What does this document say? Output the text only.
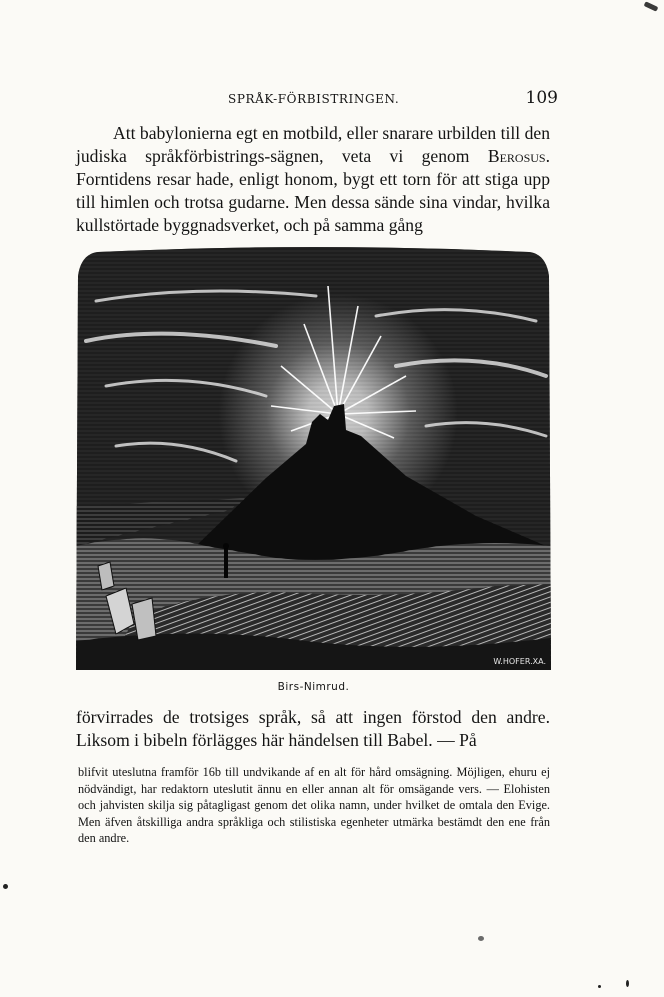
SPRÅK-FÖRBISTRINGEN.	109

Att babylonierna egt en motbild, eller snarare urbilden till den judiska språkförbistrings-sägnen, veta vi genom Berosus. Forntidens resar hade, enligt honom, bygt ett torn för att stiga upp till himlen och trotsa gudarne. Men dessa sände sina vindar, hvilka kullstörtade byggnadsverket, och på samma gång

W.HOFER.XA.
Birs-Nimrud.

förvirrades de trotsiges språk, så att ingen förstod den andre. Liksom i bibeln förlägges här händelsen till Babel. — På

blifvit uteslutna framför 16b till undvikande af en alt för hård omsägning. Möjligen, ehuru ej nödvändigt, har redaktorn uteslutit ännu en eller annan alt för omsägande vers. — Elohisten och jahvisten skilja sig påtagligast genom det olika namn, under hvilket de omtala den Evige. Men äfven åtskilliga andra språkliga och stilistiska egenheter utmärka bestämdt den ene från den andre.
